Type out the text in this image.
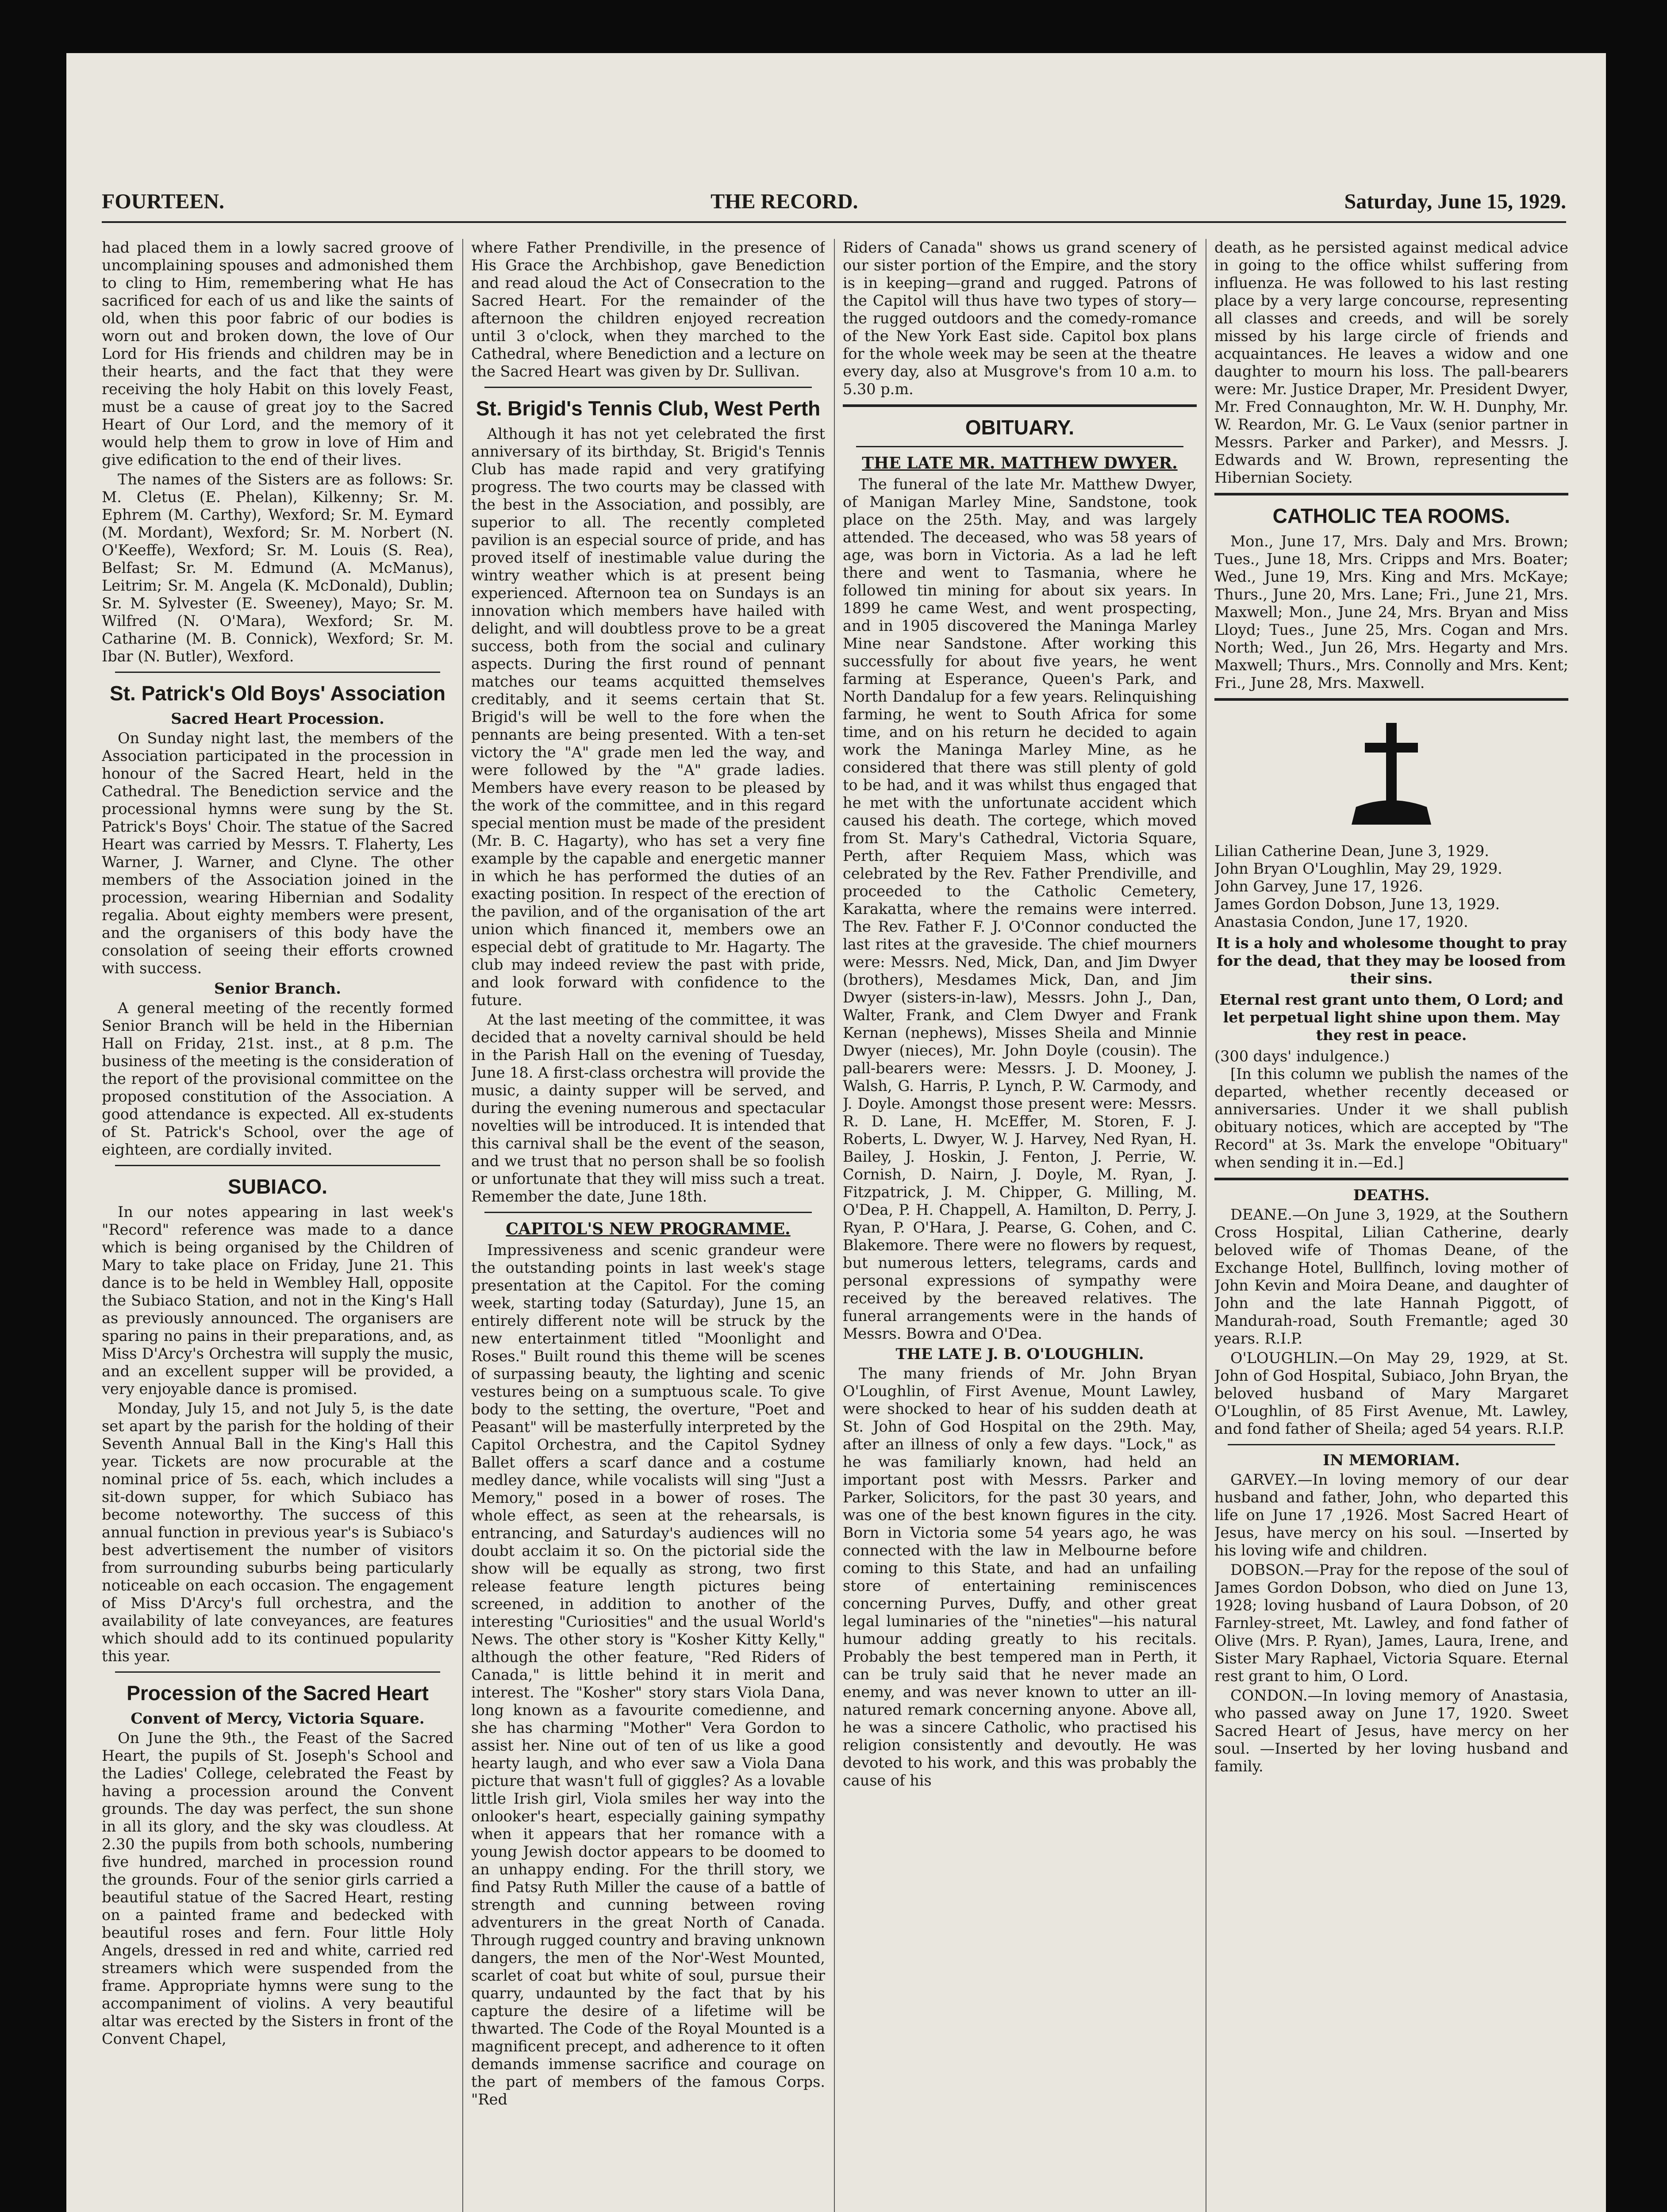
FOURTEEN.	THE RECORD.	Saturday, June 15, 1929.

had placed them in a lowly sacred groove of uncomplaining spouses and admonished them to cling to Him, remembering what He has sacrificed for each of us and like the saints of old, when this poor fabric of our bodies is worn out and broken down, the love of Our Lord for His friends and children may be in their hearts, and the fact that they were receiving the holy Habit on this lovely Feast, must be a cause of great joy to the Sacred Heart of Our Lord, and the memory of it would help them to grow in love of Him and give edification to the end of their lives.

The names of the Sisters are as follows: Sr. M. Cletus (E. Phelan), Kilkenny; Sr. M. Ephrem (M. Carthy), Wexford; Sr. M. Eymard (M. Mordant), Wexford; Sr. M. Norbert (N. O'Keeffe), Wexford; Sr. M. Louis (S. Rea), Belfast; Sr. M. Edmund (A. McManus), Leitrim; Sr. M. Angela (K. McDonald), Dublin; Sr. M. Sylvester (E. Sweeney), Mayo; Sr. M. Wilfred (N. O'Mara), Wexford; Sr. M. Catharine (M. B. Connick), Wexford; Sr. M. Ibar (N. Butler), Wexford.

St. Patrick's Old Boys' Association
Sacred Heart Procession.

On Sunday night last, the members of the Association participated in the procession in honour of the Sacred Heart, held in the Cathedral. The Benediction service and the processional hymns were sung by the St. Patrick's Boys' Choir. The statue of the Sacred Heart was carried by Messrs. T. Flaherty, Les Warner, J. Warner, and Clyne. The other members of the Association joined in the procession, wearing Hibernian and Sodality regalia. About eighty members were present, and the organisers of this body have the consolation of seeing their efforts crowned with success.

Senior Branch.

A general meeting of the recently formed Senior Branch will be held in the Hibernian Hall on Friday, 21st. inst., at 8 p.m. The business of the meeting is the consideration of the report of the provisional committee on the proposed constitution of the Association. A good attendance is expected. All ex-students of St. Patrick's School, over the age of eighteen, are cordially invited.

SUBIACO.

In our notes appearing in last week's "Record" reference was made to a dance which is being organised by the Children of Mary to take place on Friday, June 21. This dance is to be held in Wembley Hall, opposite the Subiaco Station, and not in the King's Hall as previously announced. The organisers are sparing no pains in their preparations, and, as Miss D'Arcy's Orchestra will supply the music, and an excellent supper will be provided, a very enjoyable dance is promised.

Monday, July 15, and not July 5, is the date set apart by the parish for the holding of their Seventh Annual Ball in the King's Hall this year. Tickets are now procurable at the nominal price of 5s. each, which includes a sit-down supper, for which Subiaco has become noteworthy. The success of this annual function in previous year's is Subiaco's best advertisement the number of visitors from surrounding suburbs being particularly noticeable on each occasion. The engagement of Miss D'Arcy's full orchestra, and the availability of late conveyances, are features which should add to its continued popularity this year.

Procession of the Sacred Heart
Convent of Mercy, Victoria Square.

On June the 9th., the Feast of the Sacred Heart, the pupils of St. Joseph's School and the Ladies' College, celebrated the Feast by having a procession around the Convent grounds. The day was perfect, the sun shone in all its glory, and the sky was cloudless. At 2.30 the pupils from both schools, numbering five hundred, marched in procession round the grounds. Four of the senior girls carried a beautiful statue of the Sacred Heart, resting on a painted frame and bedecked with beautiful roses and fern. Four little Holy Angels, dressed in red and white, carried red streamers which were suspended from the frame. Appropriate hymns were sung to the accompaniment of violins. A very beautiful altar was erected by the Sisters in front of the Convent Chapel,

where Father Prendiville, in the presence of His Grace the Archbishop, gave Benediction and read aloud the Act of Consecration to the Sacred Heart. For the remainder of the afternoon the children enjoyed recreation until 3 o'clock, when they marched to the Cathedral, where Benediction and a lecture on the Sacred Heart was given by Dr. Sullivan.

St. Brigid's Tennis Club, West Perth

Although it has not yet celebrated the first anniversary of its birthday, St. Brigid's Tennis Club has made rapid and very gratifying progress. The two courts may be classed with the best in the Association, and possibly, are superior to all. The recently completed pavilion is an especial source of pride, and has proved itself of inestimable value during the wintry weather which is at present being experienced. Afternoon tea on Sundays is an innovation which members have hailed with delight, and will doubtless prove to be a great success, both from the social and culinary aspects. During the first round of pennant matches our teams acquitted themselves creditably, and it seems certain that St. Brigid's will be well to the fore when the pennants are being presented. With a ten-set victory the "A" grade men led the way, and were followed by the "A" grade ladies. Members have every reason to be pleased by the work of the committee, and in this regard special mention must be made of the president (Mr. B. C. Hagarty), who has set a very fine example by the capable and energetic manner in which he has performed the duties of an exacting position. In respect of the erection of the pavilion, and of the organisation of the art union which financed it, members owe an especial debt of gratitude to Mr. Hagarty. The club may indeed review the past with pride, and look forward with confidence to the future.

At the last meeting of the committee, it was decided that a novelty carnival should be held in the Parish Hall on the evening of Tuesday, June 18. A first-class orchestra will provide the music, a dainty supper will be served, and during the evening numerous and spectacular novelties will be introduced. It is intended that this carnival shall be the event of the season, and we trust that no person shall be so foolish or unfortunate that they will miss such a treat. Remember the date, June 18th.

CAPITOL'S NEW PROGRAMME.

Impressiveness and scenic grandeur were the outstanding points in last week's stage presentation at the Capitol. For the coming week, starting today (Saturday), June 15, an entirely different note will be struck by the new entertainment titled "Moonlight and Roses." Built round this theme will be scenes of surpassing beauty, the lighting and scenic vestures being on a sumptuous scale. To give body to the setting, the overture, "Poet and Peasant" will be masterfully interpreted by the Capitol Orchestra, and the Capitol Sydney Ballet offers a scarf dance and a costume medley dance, while vocalists will sing "Just a Memory," posed in a bower of roses. The whole effect, as seen at the rehearsals, is entrancing, and Saturday's audiences will no doubt acclaim it so. On the pictorial side the show will be equally as strong, two first release feature length pictures being screened, in addition to another of the interesting "Curiosities" and the usual World's News. The other story is "Kosher Kitty Kelly," although the other feature, "Red Riders of Canada," is little behind it in merit and interest. The "Kosher" story stars Viola Dana, long known as a favourite comedienne, and she has charming "Mother" Vera Gordon to assist her. Nine out of ten of us like a good hearty laugh, and who ever saw a Viola Dana picture that wasn't full of giggles? As a lovable little Irish girl, Viola smiles her way into the onlooker's heart, especially gaining sympathy when it appears that her romance with a young Jewish doctor appears to be doomed to an unhappy ending. For the thrill story, we find Patsy Ruth Miller the cause of a battle of strength and cunning between roving adventurers in the great North of Canada. Through rugged country and braving unknown dangers, the men of the Nor'-West Mounted, scarlet of coat but white of soul, pursue their quarry, undaunted by the fact that by his capture the desire of a lifetime will be thwarted. The Code of the Royal Mounted is a magnificent precept, and adherence to it often demands immense sacrifice and courage on the part of members of the famous Corps. "Red

Riders of Canada" shows us grand scenery of our sister portion of the Empire, and the story is in keeping—grand and rugged. Patrons of the Capitol will thus have two types of story—the rugged outdoors and the comedy-romance of the New York East side. Capitol box plans for the whole week may be seen at the theatre every day, also at Musgrove's from 10 a.m. to 5.30 p.m.

OBITUARY.
THE LATE MR. MATTHEW DWYER.

The funeral of the late Mr. Matthew Dwyer, of Manigan Marley Mine, Sandstone, took place on the 25th. May, and was largely attended. The deceased, who was 58 years of age, was born in Victoria. As a lad he left there and went to Tasmania, where he followed tin mining for about six years. In 1899 he came West, and went prospecting, and in 1905 discovered the Maninga Marley Mine near Sandstone. After working this successfully for about five years, he went farming at Esperance, Queen's Park, and North Dandalup for a few years. Relinquishing farming, he went to South Africa for some time, and on his return he decided to again work the Maninga Marley Mine, as he considered that there was still plenty of gold to be had, and it was whilst thus engaged that he met with the unfortunate accident which caused his death. The cortege, which moved from St. Mary's Cathedral, Victoria Square, Perth, after Requiem Mass, which was celebrated by the Rev. Father Prendiville, and proceeded to the Catholic Cemetery, Karakatta, where the remains were interred. The Rev. Father F. J. O'Connor conducted the last rites at the graveside. The chief mourners were: Messrs. Ned, Mick, Dan, and Jim Dwyer (brothers), Mesdames Mick, Dan, and Jim Dwyer (sisters-in-law), Messrs. John J., Dan, Walter, Frank, and Clem Dwyer and Frank Kernan (nephews), Misses Sheila and Minnie Dwyer (nieces), Mr. John Doyle (cousin). The pall-bearers were: Messrs. J. D. Mooney, J. Walsh, G. Harris, P. Lynch, P. W. Carmody, and J. Doyle. Amongst those present were: Messrs. R. D. Lane, H. McEffer, M. Storen, F. J. Roberts, L. Dwyer, W. J. Harvey, Ned Ryan, H. Bailey, J. Hoskin, J. Fenton, J. Perrie, W. Cornish, D. Nairn, J. Doyle, M. Ryan, J. Fitzpatrick, J. M. Chipper, G. Milling, M. O'Dea, P. H. Chappell, A. Hamilton, D. Perry, J. Ryan, P. O'Hara, J. Pearse, G. Cohen, and C. Blakemore. There were no flowers by request, but numerous letters, telegrams, cards and personal expressions of sympathy were received by the bereaved relatives. The funeral arrangements were in the hands of Messrs. Bowra and O'Dea.

THE LATE J. B. O'LOUGHLIN.

The many friends of Mr. John Bryan O'Loughlin, of First Avenue, Mount Lawley, were shocked to hear of his sudden death at St. John of God Hospital on the 29th. May, after an illness of only a few days. "Lock," as he was familiarly known, had held an important post with Messrs. Parker and Parker, Solicitors, for the past 30 years, and was one of the best known figures in the city. Born in Victoria some 54 years ago, he was connected with the law in Melbourne before coming to this State, and had an unfailing store of entertaining reminiscences concerning Purves, Duffy, and other great legal luminaries of the "nineties"—his natural humour adding greatly to his recitals. Probably the best tempered man in Perth, it can be truly said that he never made an enemy, and was never known to utter an ill-natured remark concerning anyone. Above all, he was a sincere Catholic, who practised his religion consistently and devoutly. He was devoted to his work, and this was probably the cause of his

death, as he persisted against medical advice in going to the office whilst suffering from influenza. He was followed to his last resting place by a very large concourse, representing all classes and creeds, and will be sorely missed by his large circle of friends and acquaintances. He leaves a widow and one daughter to mourn his loss. The pall-bearers were: Mr. Justice Draper, Mr. President Dwyer, Mr. Fred Connaughton, Mr. W. H. Dunphy, Mr. W. Reardon, Mr. G. Le Vaux (senior partner in Messrs. Parker and Parker), and Messrs. J. Edwards and W. Brown, representing the Hibernian Society.

CATHOLIC TEA ROOMS.

Mon., June 17, Mrs. Daly and Mrs. Brown; Tues., June 18, Mrs. Cripps and Mrs. Boater; Wed., June 19, Mrs. King and Mrs. McKaye; Thurs., June 20, Mrs. Lane; Fri., June 21, Mrs. Maxwell; Mon., June 24, Mrs. Bryan and Miss Lloyd; Tues., June 25, Mrs. Cogan and Mrs. North; Wed., Jun 26, Mrs. Hegarty and Mrs. Maxwell; Thurs., Mrs. Connolly and Mrs. Kent; Fri., June 28, Mrs. Maxwell.

Lilian Catherine Dean, June 3, 1929.
John Bryan O'Loughlin, May 29, 1929.
John Garvey, June 17, 1926.
James Gordon Dobson, June 13, 1929.
Anastasia Condon, June 17, 1920.
It is a holy and wholesome thought to pray for the dead, that they may be loosed from their sins.
Eternal rest grant unto them, O Lord; and let perpetual light shine upon them. May they rest in peace.
(300 days' indulgence.)

[In this column we publish the names of the departed, whether recently deceased or anniversaries. Under it we shall publish obituary notices, which are accepted by "The Record" at 3s. Mark the envelope "Obituary" when sending it in.—Ed.]

DEATHS.

DEANE.—On June 3, 1929, at the Southern Cross Hospital, Lilian Catherine, dearly beloved wife of Thomas Deane, of the Exchange Hotel, Bullfinch, loving mother of John Kevin and Moira Deane, and daughter of John and the late Hannah Piggott, of Mandurah-road, South Fremantle; aged 30 years. R.I.P.

O'LOUGHLIN.—On May 29, 1929, at St. John of God Hospital, Subiaco, John Bryan, the beloved husband of Mary Margaret O'Loughlin, of 85 First Avenue, Mt. Lawley, and fond father of Sheila; aged 54 years. R.I.P.

IN MEMORIAM.

GARVEY.—In loving memory of our dear husband and father, John, who departed this life on June 17 ,1926. Most Sacred Heart of Jesus, have mercy on his soul. —Inserted by his loving wife and children.

DOBSON.—Pray for the repose of the soul of James Gordon Dobson, who died on June 13, 1928; loving husband of Laura Dobson, of 20 Farnley-street, Mt. Lawley, and fond father of Olive (Mrs. P. Ryan), James, Laura, Irene, and Sister Mary Raphael, Victoria Square. Eternal rest grant to him, O Lord.

CONDON.—In loving memory of Anastasia, who passed away on June 17, 1920. Sweet Sacred Heart of Jesus, have mercy on her soul. —Inserted by her loving husband and family.
